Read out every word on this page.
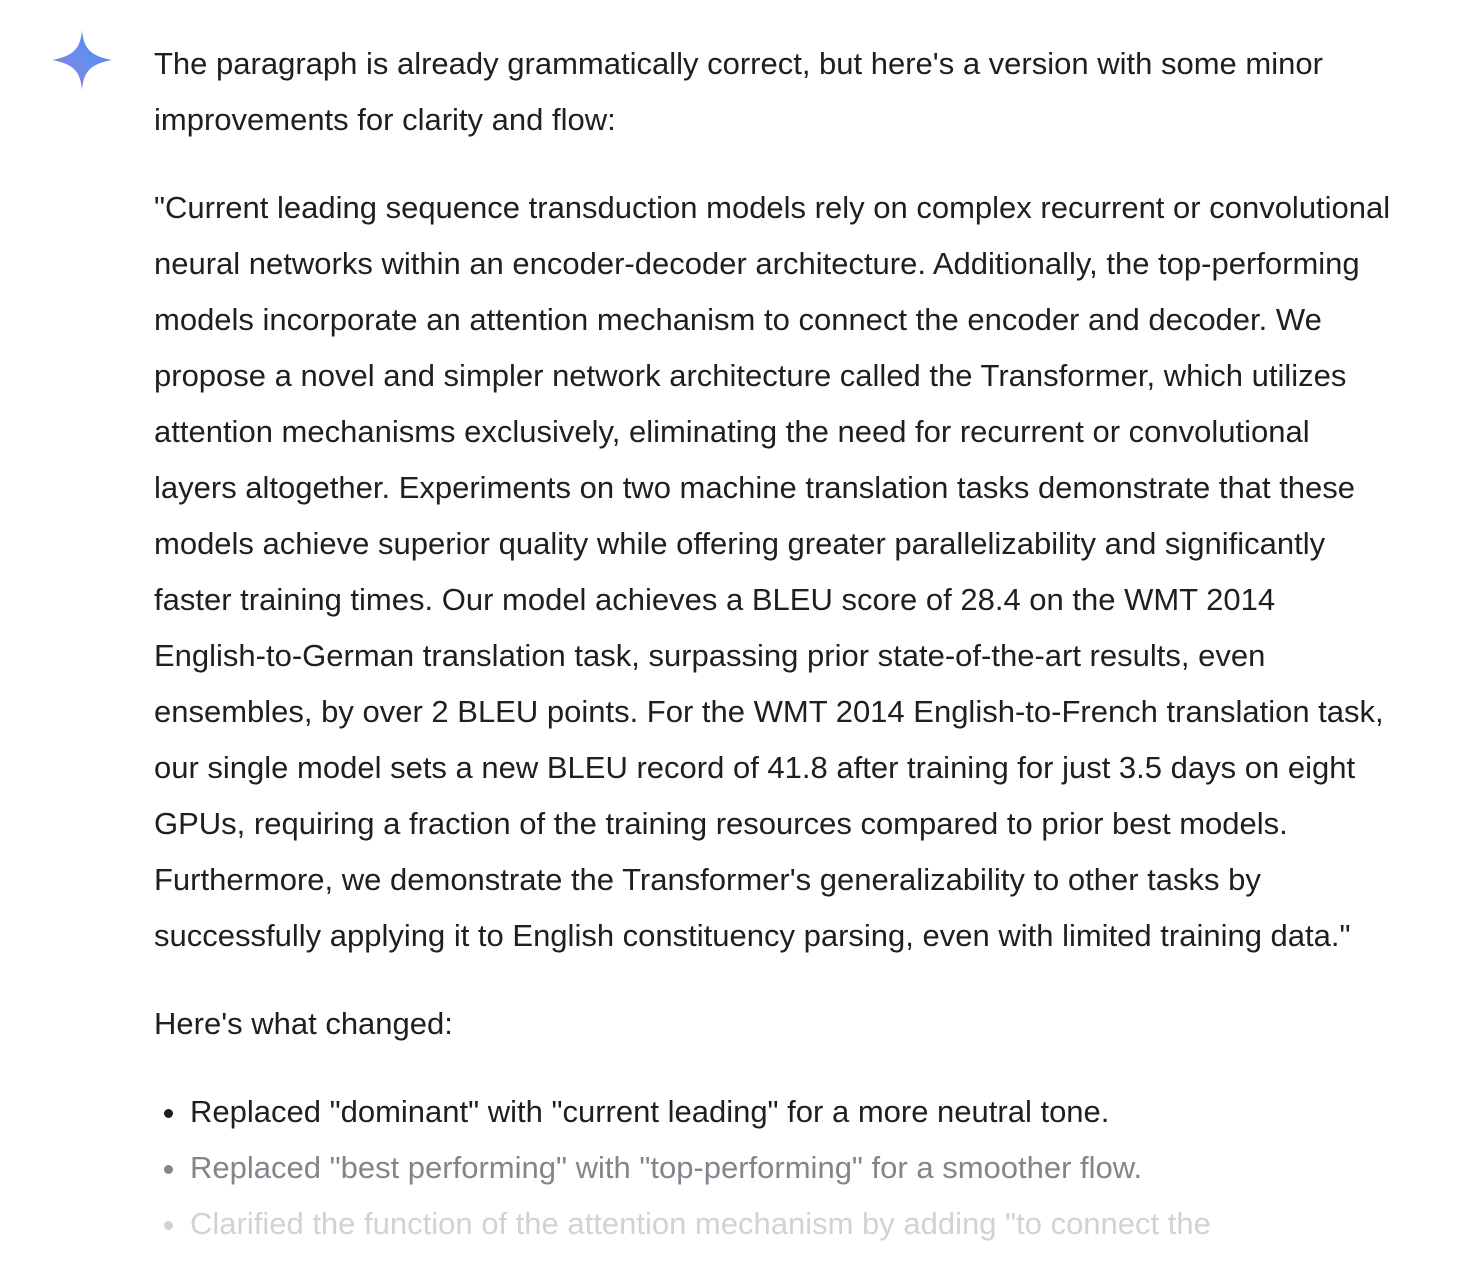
The paragraph is already grammatically correct, but here's a version with some minor improvements for clarity and flow:

"Current leading sequence transduction models rely on complex recurrent or convolutional neural networks within an encoder-decoder architecture. Additionally, the top-performing models incorporate an attention mechanism to connect the encoder and decoder. We propose a novel and simpler network architecture called the Transformer, which utilizes attention mechanisms exclusively, eliminating the need for recurrent or convolutional layers altogether. Experiments on two machine translation tasks demonstrate that these models achieve superior quality while offering greater parallelizability and significantly faster training times. Our model achieves a BLEU score of 28.4 on the WMT 2014 English-to-German translation task, surpassing prior state-of-the-art results, even ensembles, by over 2 BLEU points. For the WMT 2014 English-to-French translation task, our single model sets a new BLEU record of 41.8 after training for just 3.5 days on eight GPUs, requiring a fraction of the training resources compared to prior best models. Furthermore, we demonstrate the Transformer's generalizability to other tasks by successfully applying it to English constituency parsing, even with limited training data."

Here's what changed:

Replaced "dominant" with "current leading" for a more neutral tone.
Replaced "best performing" with "top-performing" for a smoother flow.
Clarified the function of the attention mechanism by adding "to connect the
